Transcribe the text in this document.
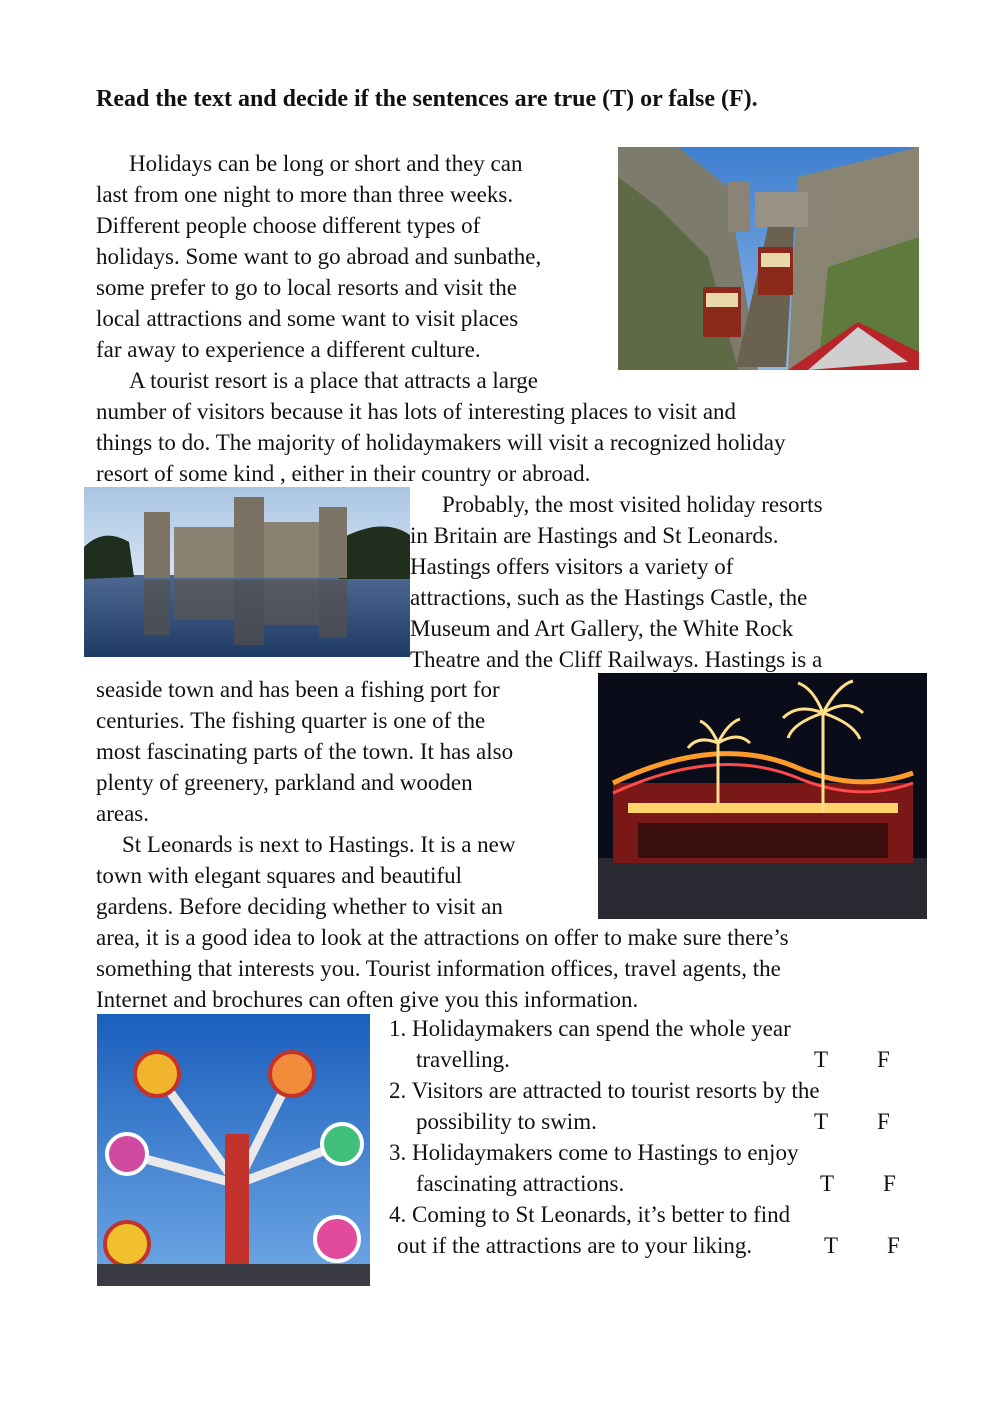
Read the text and decide if the sentences are true (T) or false (F).
Holidays can be long or short and they can
last from one night to more than three weeks.
Different people choose different types of
holidays. Some want to go abroad and sunbathe,
some prefer to go to local resorts and visit the
local attractions and some want to visit places
far away to experience a different culture.
A tourist resort is a place that attracts a large
number of visitors because it has lots of interesting places to visit and
things to do. The majority of holidaymakers will visit a recognized holiday
resort of some kind , either in their country or abroad.
Probably, the most visited holiday resorts
in Britain are Hastings and St Leonards.
Hastings offers visitors a variety of
attractions, such as the Hastings Castle, the
Museum and Art Gallery, the White Rock
Theatre and the Cliff Railways. Hastings is a
seaside town and has been a fishing port for
centuries. The fishing quarter is one of the
most fascinating parts of the town. It has also
plenty of greenery, parkland and wooden
areas.
St Leonards is next to Hastings. It is a new
town with elegant squares and beautiful
gardens. Before deciding whether to visit an
area, it is a good idea to look at the attractions on offer to make sure there’s
something that interests you. Tourist information offices, travel agents, the
Internet and brochures can often give you this information.
1. Holidaymakers can spend the whole year
travelling.	T F
2. Visitors are attracted to tourist resorts by the
possibility to swim.	T F
3. Holidaymakers come to Hastings to enjoy
fascinating attractions.	T F
4. Coming to St Leonards, it’s better to find
out if the attractions are to your liking.	T F
